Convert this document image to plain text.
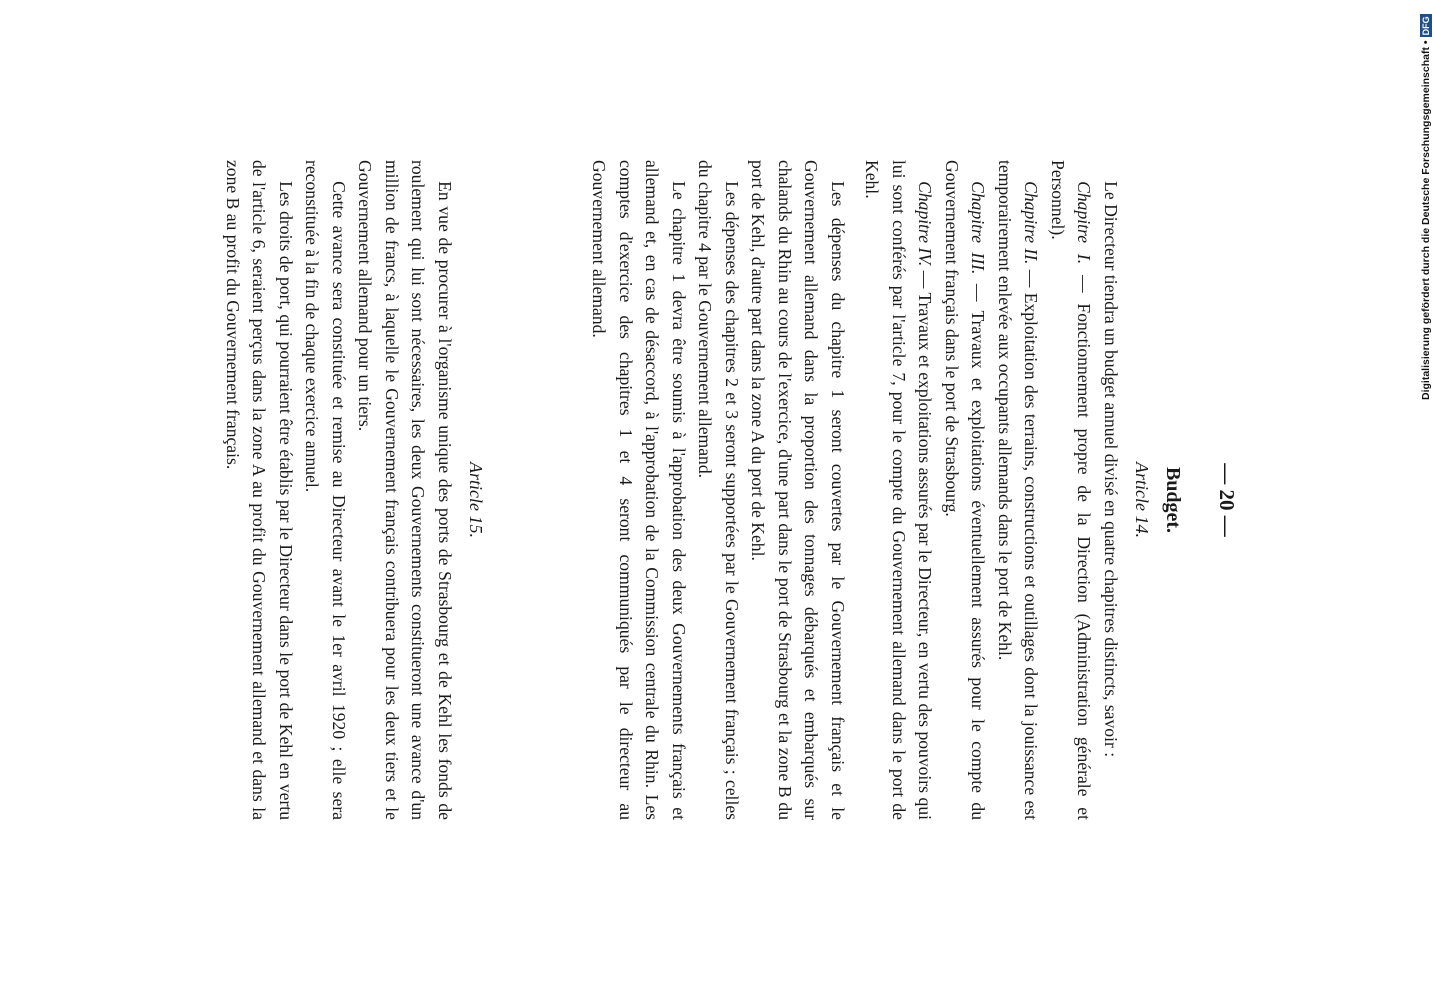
— 20 —
Budget.
Article 14.

Le Directeur tiendra un budget annuel divisé en quatre chapitres distincts, savoir :

Chapitre I. — Fonctionnement propre de la Direction (Administration générale et Personnel).

Chapitre II. — Exploitation des terrains, constructions et outillages dont la jouissance est temporairement enlevée aux occupants allemands dans le port de Kehl.

Chapitre III. — Travaux et exploitations éventuellement assurés pour le compte du Gouvernement français dans le port de Strasbourg.

Chapitre IV. — Travaux et exploitations assurés par le Directeur, en vertu des pouvoirs qui lui sont conférés par l'article 7, pour le compte du Gouvernement allemand dans le port de Kehl.

Les dépenses du chapitre 1 seront couvertes par le Gouvernement français et le Gouvernement allemand dans la proportion des tonnages débarqués et embarqués sur chalands du Rhin au cours de l'exercice, d'une part dans le port de Strasbourg et la zone B du port de Kehl, d'autre part dans la zone A du port de Kehl.

Les dépenses des chapitres 2 et 3 seront supportées par le Gouvernement français ; celles du chapitre 4 par le Gouvernement allemand.

Le chapitre 1 devra être soumis à l'approbation des deux Gouvernements français et allemand et, en cas de désaccord, à l'approbation de la Commission centrale du Rhin. Les comptes d'exercice des chapitres 1 et 4 seront communiqués par le directeur au Gouvernement allemand.

Article 15.

En vue de procurer à l'organisme unique des ports de Strasbourg et de Kehl les fonds de roulement qui lui sont nécessaires, les deux Gouvernements constitueront une avance d'un million de francs, à laquelle le Gouvernement français contribuera pour les deux tiers et le Gouvernement allemand pour un tiers.

Cette avance sera constituée et remise au Directeur avant le 1er avril 1920 ; elle sera reconstituée à la fin de chaque exercice annuel.

Les droits de port, qui pourraient être établis par le Directeur dans le port de Kehl en vertu de l'article 6, seraient perçus dans la zone A au profit du Gouvernement allemand et dans la zone B au profit du Gouvernement français.	Digitalisierung gefördert durch die Deutsche Forschungsgemeinschaft •DFG
